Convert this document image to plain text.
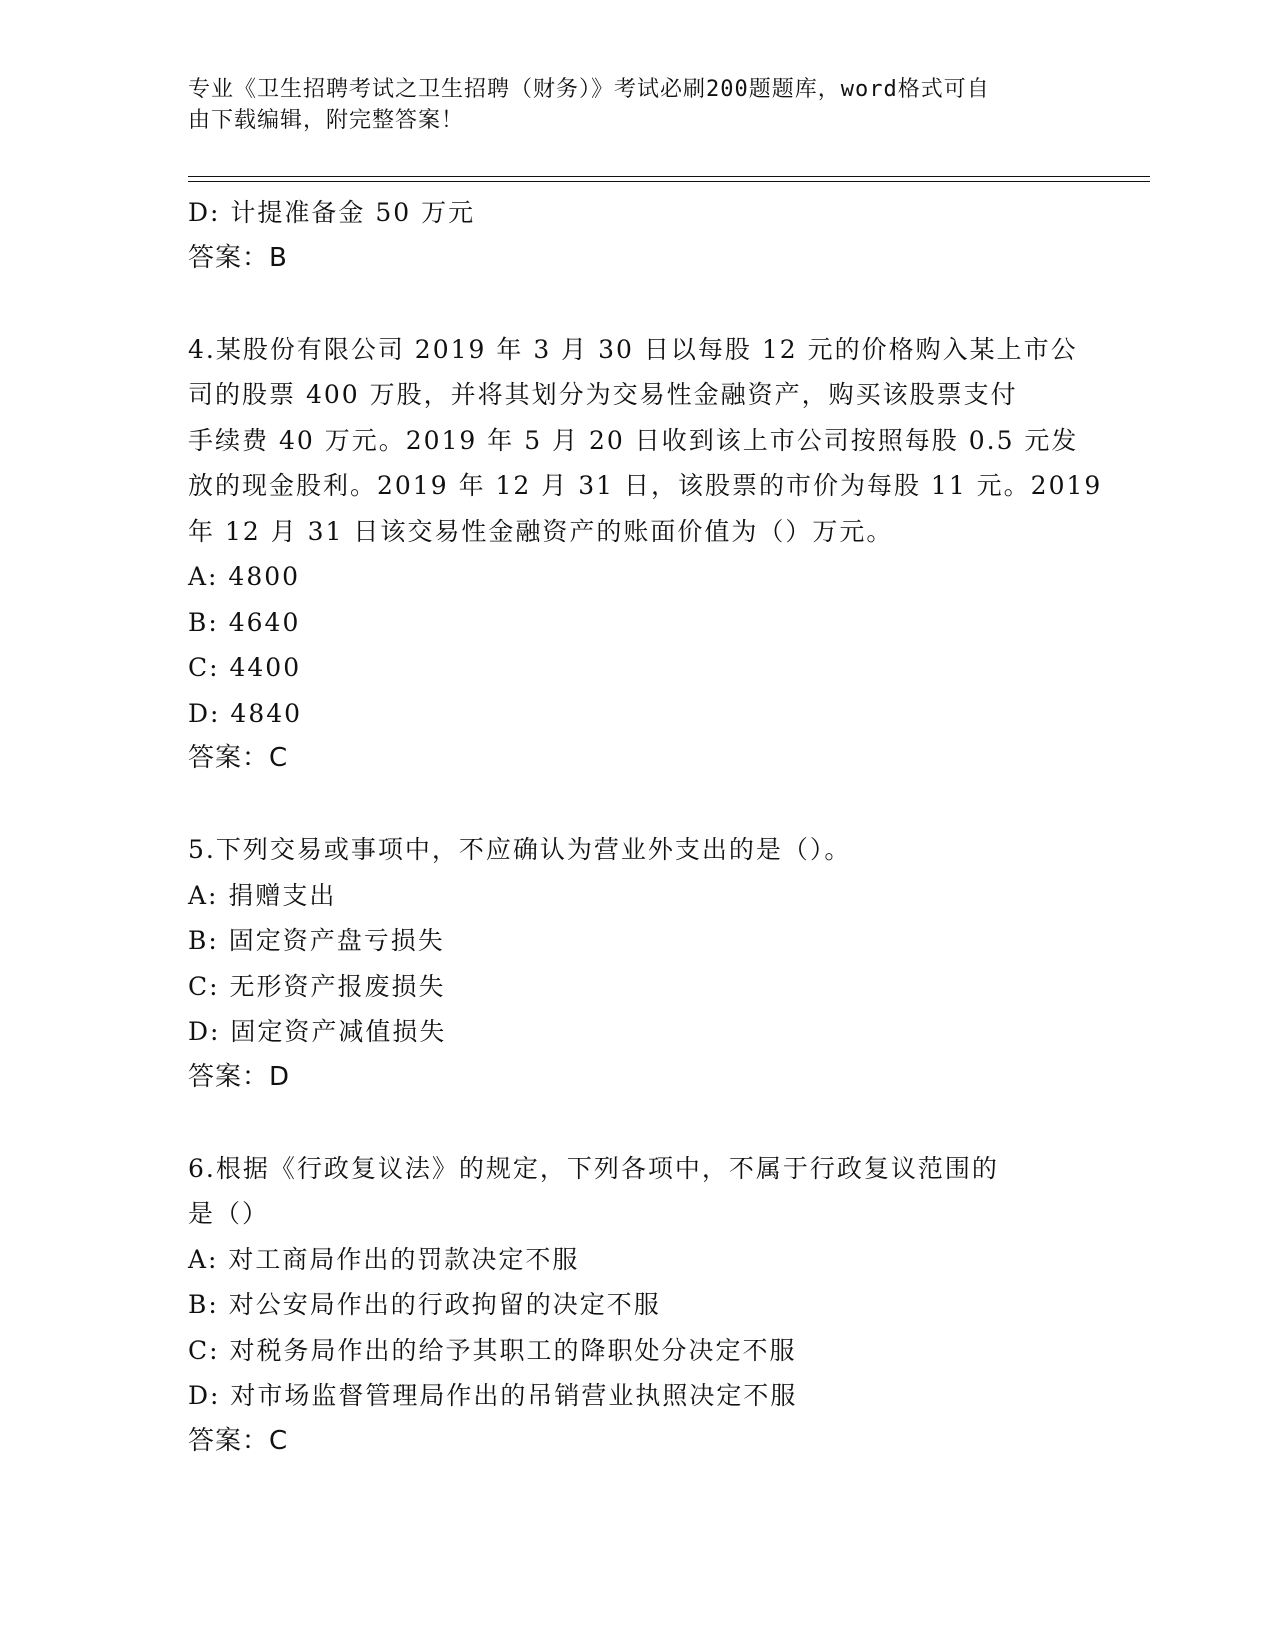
专业《卫生招聘考试之卫生招聘（财务）》考试必刷200题题库，word格式可自
由下载编辑，附完整答案！
D: 计提准备金 50 万元
答案：B
4.某股份有限公司 2019 年 3 月 30 日以每股 12 元的价格购入某上市公
司的股票 400 万股，并将其划分为交易性金融资产，购买该股票支付
手续费 40 万元。2019 年 5 月 20 日收到该上市公司按照每股 0.5 元发
放的现金股利。2019 年 12 月 31 日，该股票的市价为每股 11 元。2019
年 12 月 31 日该交易性金融资产的账面价值为（）万元。
A: 4800
B: 4640
C: 4400
D: 4840
答案：C
5.下列交易或事项中，不应确认为营业外支出的是（）。
A: 捐赠支出
B: 固定资产盘亏损失
C: 无形资产报废损失
D: 固定资产减值损失
答案：D
6.根据《行政复议法》的规定，下列各项中，不属于行政复议范围的
是（）
A: 对工商局作出的罚款决定不服
B: 对公安局作出的行政拘留的决定不服
C: 对税务局作出的给予其职工的降职处分决定不服
D: 对市场监督管理局作出的吊销营业执照决定不服
答案：C
